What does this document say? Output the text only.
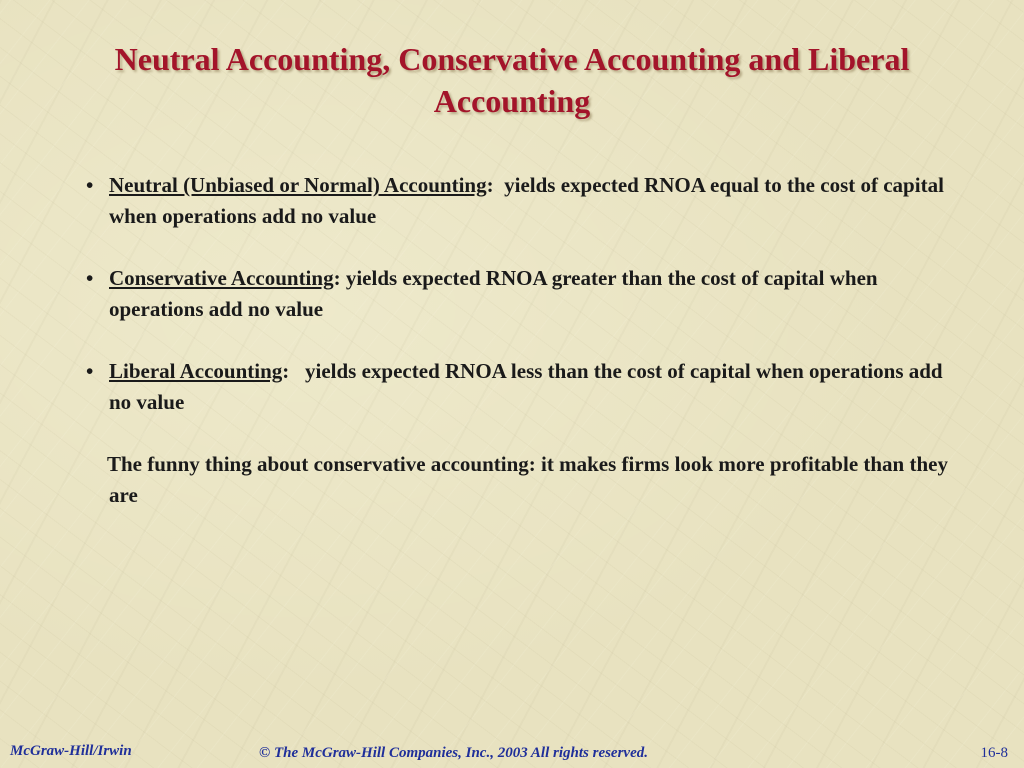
Neutral Accounting, Conservative Accounting and Liberal Accounting
• Neutral (Unbiased or Normal) Accounting:  yields expected RNOA equal to the cost of capital when operations add no value
• Conservative Accounting: yields expected RNOA greater than the cost of capital when operations add no value
• Liberal Accounting:   yields expected RNOA less than the cost of capital when operations add no value
The funny thing about conservative accounting: it makes firms look more profitable than they are
McGraw-Hill/Irwin	© The McGraw-Hill Companies, Inc., 2003 All rights reserved.	16-8
